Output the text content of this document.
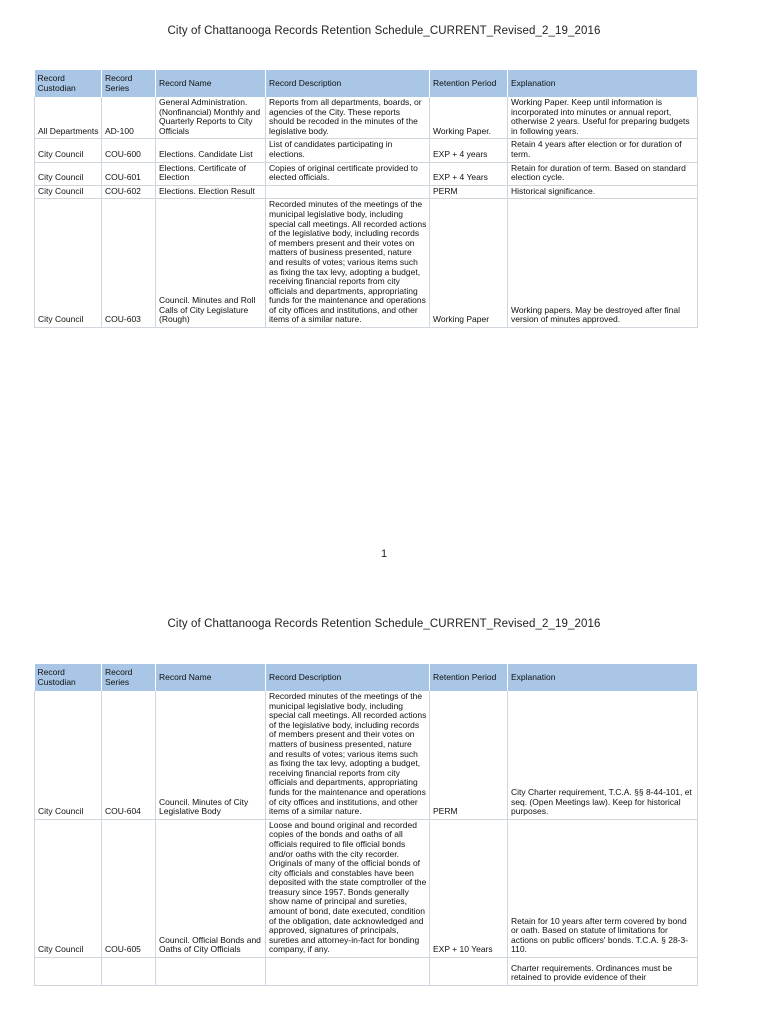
City of Chattanooga Records Retention Schedule_CURRENT_Revised_2_19_2016
Record Custodian	Record Series	Record Name	Record Description	Retention Period	Explanation
All Departments	AD-100	General Administration. (Nonfinancial) Monthly and Quarterly Reports to City Officials	Reports from all departments, boards, or agencies of the City. These reports should be recoded in the minutes of the legislative body.	Working Paper.	Working Paper. Keep until information is incorporated into minutes or annual report, otherwise 2 years. Useful for preparing budgets in following years.
City Council	COU-600	Elections. Candidate List	List of candidates participating in elections.	EXP + 4 years	Retain 4 years after election or for duration of term.
City Council	COU-601	Elections. Certificate of Election	Copies of original certificate provided to elected officials.	EXP + 4 Years	Retain for duration of term. Based on standard election cycle.
City Council	COU-602	Elections. Election Result		PERM	Historical significance.
City Council	COU-603	Council. Minutes and Roll Calls of City Legislature (Rough)	Recorded minutes of the meetings of the municipal legislative body, including special call meetings. All recorded actions of the legislative body, including records of members present and their votes on matters of business presented, nature and results of votes; various items such as fixing the tax levy, adopting a budget, receiving financial reports from city officials and departments, appropriating funds for the maintenance and operations of city offices and institutions, and other items of a similar nature.	Working Paper	Working papers. May be destroyed after final version of minutes approved.
1
City of Chattanooga Records Retention Schedule_CURRENT_Revised_2_19_2016
Record Custodian	Record Series	Record Name	Record Description	Retention Period	Explanation
City Council	COU-604	Council. Minutes of City Legislative Body	Recorded minutes of the meetings of the municipal legislative body, including special call meetings. All recorded actions of the legislative body, including records of members present and their votes on matters of business presented, nature and results of votes; various items such as fixing the tax levy, adopting a budget, receiving financial reports from city officials and departments, appropriating funds for the maintenance and operations of city offices and institutions, and other items of a similar nature.	PERM	City Charter requirement, T.C.A. §§ 8-44-101, et seq. (Open Meetings law). Keep for historical purposes.
City Council	COU-605	Council. Official Bonds and Oaths of City Officials	Loose and bound original and recorded copies of the bonds and oaths of all officials required to file official bonds and/or oaths with the city recorder. Originals of many of the official bonds of city officials and constables have been deposited with the state comptroller of the treasury since 1957. Bonds generally show name of principal and sureties, amount of bond, date executed, condition of the obligation, date acknowledged and approved, signatures of principals, sureties and attorney-in-fact for bonding company, if any.	EXP + 10 Years	Retain for 10 years after term covered by bond or oath. Based on statute of limitations for actions on public officers' bonds. T.C.A. § 28-3-110.
					Charter requirements. Ordinances must be retained to provide evidence of their
